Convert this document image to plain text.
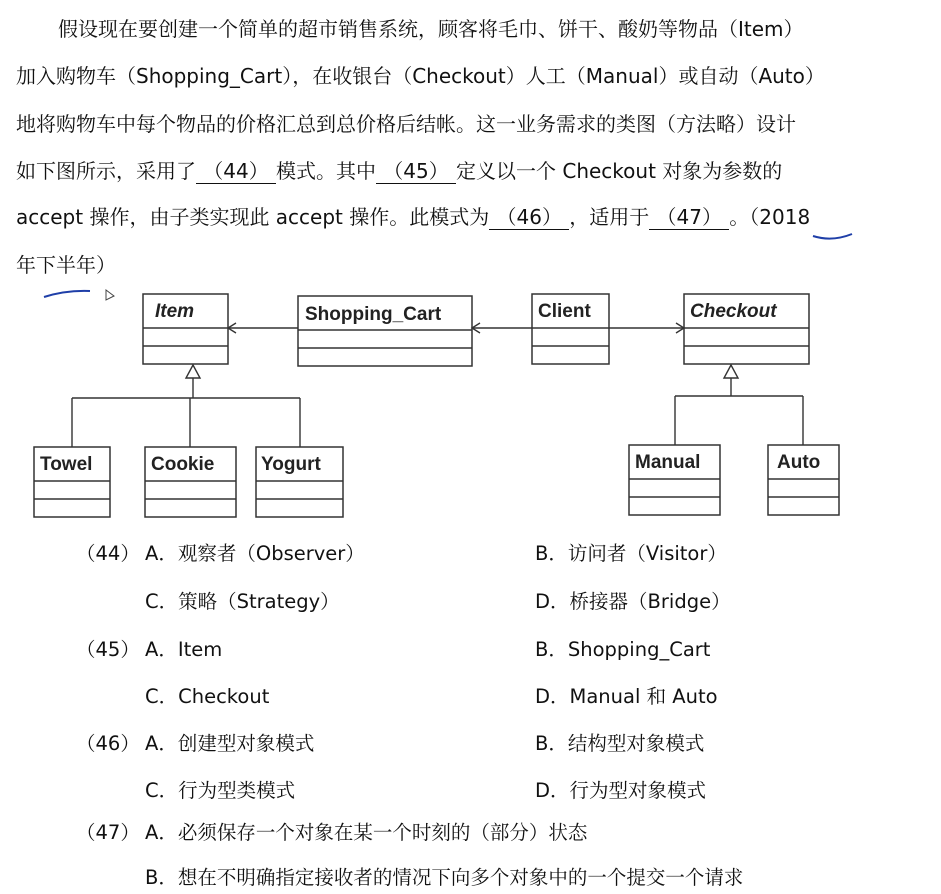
假设现在要创建一个简单的超市销售系统，顾客将毛巾、饼干、酸奶等物品（Item）
加入购物车（Shopping_Cart），在收银台（Checkout）人工（Manual）或自动（Auto）
地将购物车中每个物品的价格汇总到总价格后结帐。这一业务需求的类图（方法略）设计
如下图所示，采用了 （44） 模式。其中 （45） 定义以一个 Checkout 对象为参数的
accept 操作，由子类实现此 accept 操作。此模式为 （46） ，适用于 （47） 。（2018
年下半年）
Item	Shopping_Cart	Client	Checkout
Towel	Cookie Yogurt	Manual	Auto
（44） A．观察者（Observer）	B．访问者（Visitor）
C．策略（Strategy）	D．桥接器（Bridge）
（45） A．Item	B．Shopping_Cart
C．Checkout	D．Manual 和 Auto
（46） A．创建型对象模式	B．结构型对象模式
C．行为型类模式	D．行为型对象模式
（47） A．必须保存一个对象在某一个时刻的（部分）状态
B．想在不明确指定接收者的情况下向多个对象中的一个提交一个请求
